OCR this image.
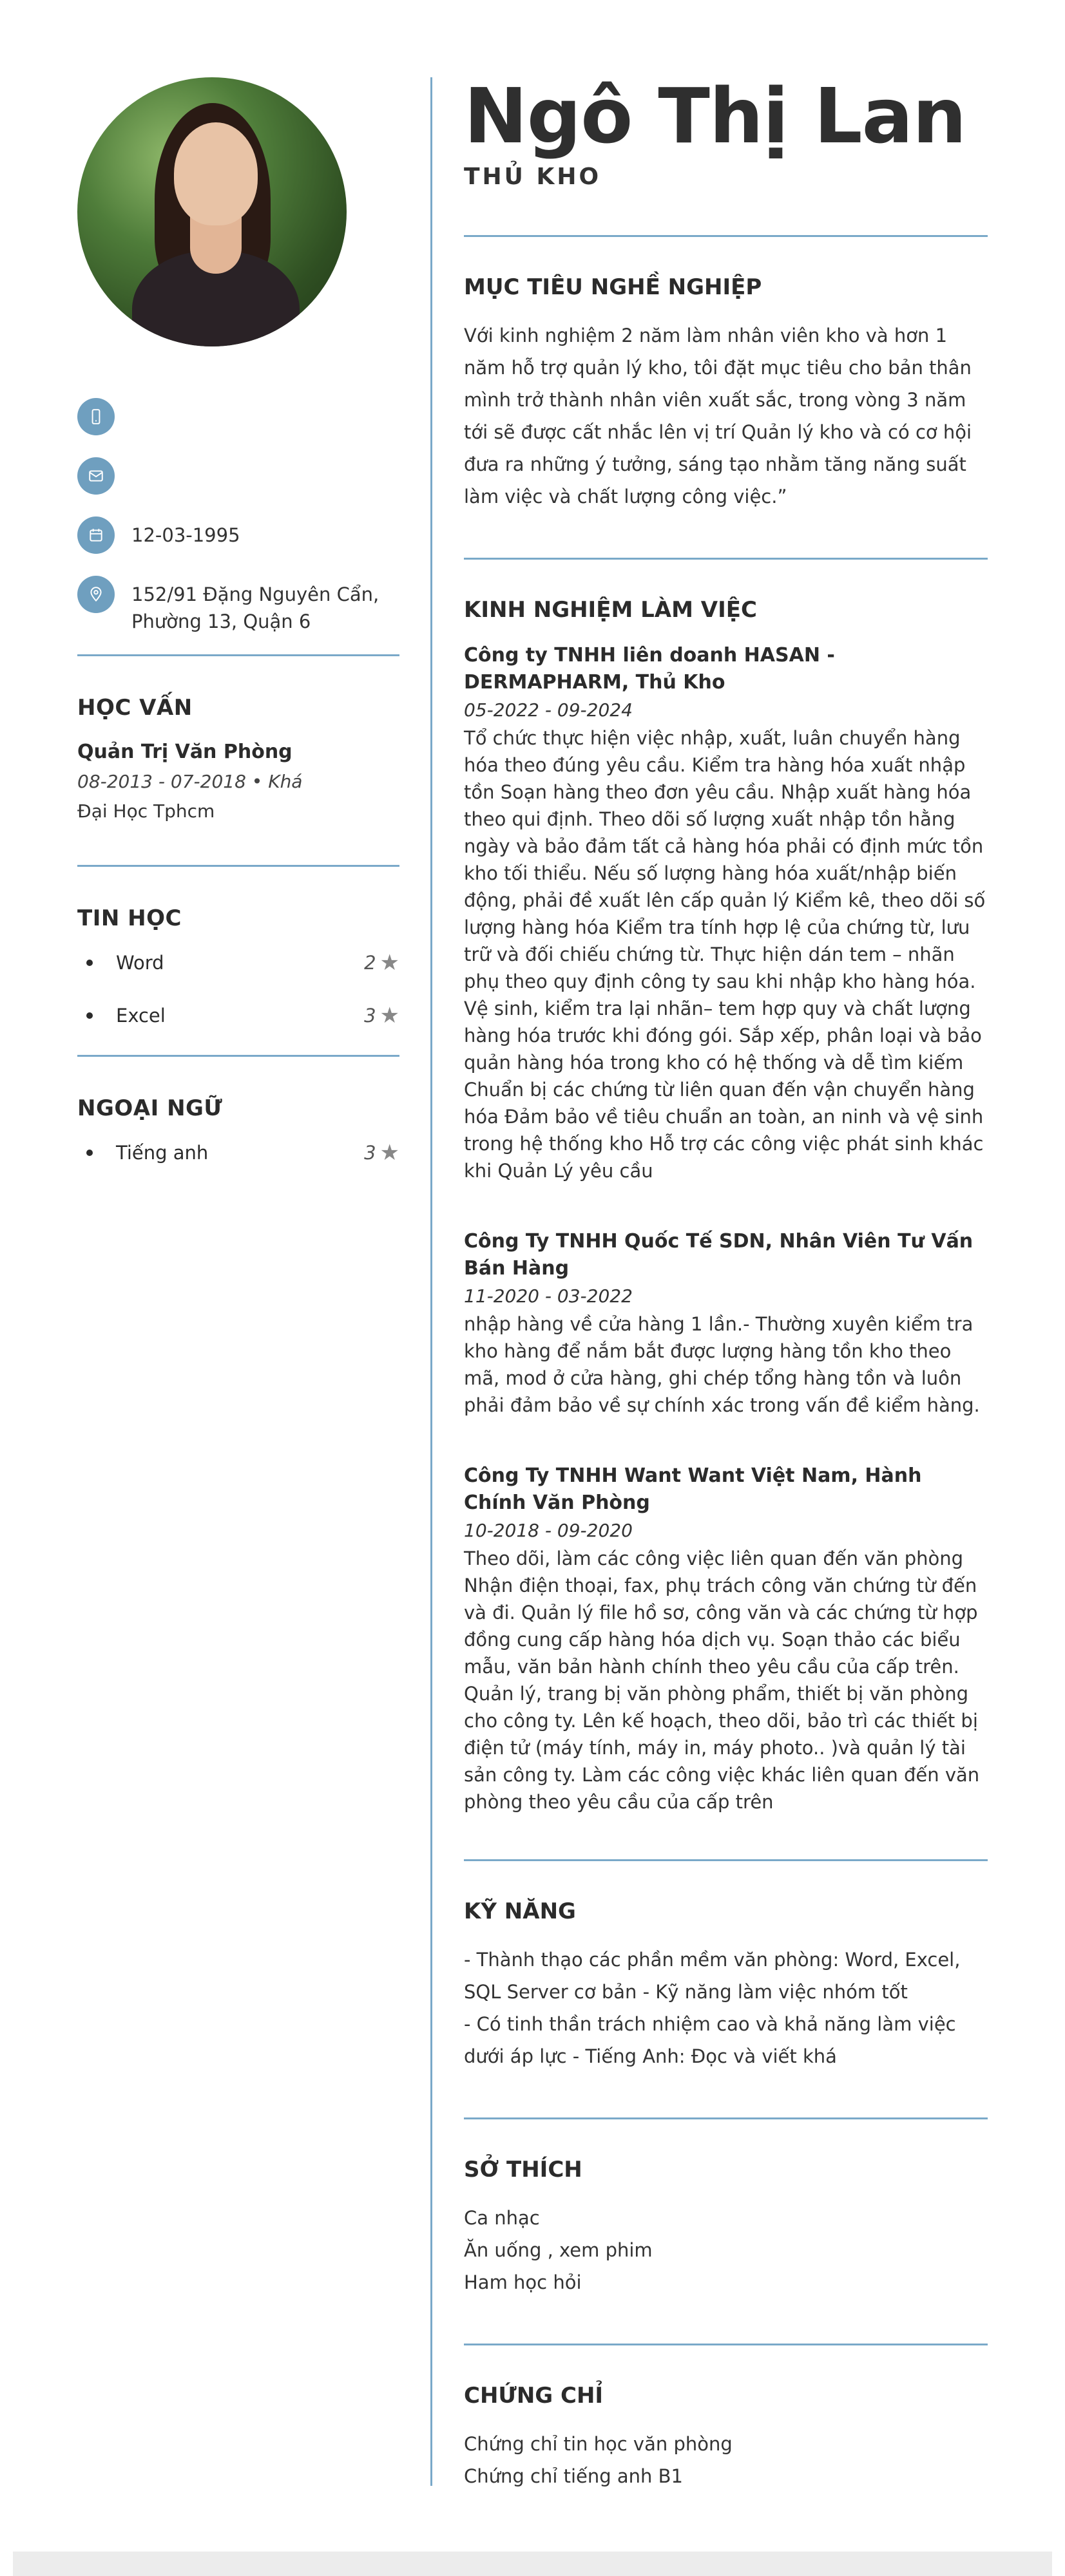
12-03-1995
152/91 Đặng Nguyên Cẩn, Phường 13, Quận 6
HỌC VẤN
Quản Trị Văn Phòng
08-2013 - 07-2018 • Khá
Đại Học Tphcm
TIN HỌC
Word	2 ★
Excel	3 ★
NGOẠI NGỮ
Tiếng anh	3 ★
Ngô Thị Lan
THỦ KHO
MỤC TIÊU NGHỀ NGHIỆP
Với kinh nghiệm 2 năm làm nhân viên kho và hơn 1 năm hỗ trợ quản lý kho, tôi đặt mục tiêu cho bản thân mình trở thành nhân viên xuất sắc, trong vòng 3 năm tới sẽ được cất nhắc lên vị trí Quản lý kho và có cơ hội đưa ra những ý tưởng, sáng tạo nhằm tăng năng suất làm việc và chất lượng công việc.”
KINH NGHIỆM LÀM VIỆC
Công ty TNHH liên doanh HASAN - DERMAPHARM, Thủ Kho
05-2022 - 09-2024
Tổ chức thực hiện việc nhập, xuất, luân chuyển hàng hóa theo đúng yêu cầu. Kiểm tra hàng hóa xuất nhập tồn Soạn hàng theo đơn yêu cầu. Nhập xuất hàng hóa theo qui định. Theo dõi số lượng xuất nhập tồn hằng ngày và bảo đảm tất cả hàng hóa phải có định mức tồn kho tối thiểu. Nếu số lượng hàng hóa xuất/nhập biến động, phải đề xuất lên cấp quản lý Kiểm kê, theo dõi số lượng hàng hóa Kiểm tra tính hợp lệ của chứng từ, lưu trữ và đối chiếu chứng từ. Thực hiện dán tem – nhãn phụ theo quy định công ty sau khi nhập kho hàng hóa. Vệ sinh, kiểm tra lại nhãn– tem hợp quy và chất lượng hàng hóa trước khi đóng gói. Sắp xếp, phân loại và bảo quản hàng hóa trong kho có hệ thống và dễ tìm kiếm Chuẩn bị các chứng từ liên quan đến vận chuyển hàng hóa Đảm bảo về tiêu chuẩn an toàn, an ninh và vệ sinh trong hệ thống kho Hỗ trợ các công việc phát sinh khác khi Quản Lý yêu cầu
Công Ty TNHH Quốc Tế SDN, Nhân Viên Tư Vấn Bán Hàng
11-2020 - 03-2022
nhập hàng về cửa hàng 1 lần.- Thường xuyên kiểm tra kho hàng để nắm bắt được lượng hàng tồn kho theo mã, mod ở cửa hàng, ghi chép tổng hàng tồn và luôn phải đảm bảo về sự chính xác trong vấn đề kiểm hàng.
Công Ty TNHH Want Want Việt Nam, Hành Chính Văn Phòng
10-2018 - 09-2020
Theo dõi, làm các công việc liên quan đến văn phòng Nhận điện thoại, fax, phụ trách công văn chứng từ đến và đi. Quản lý file hồ sơ, công văn và các chứng từ hợp đồng cung cấp hàng hóa dịch vụ. Soạn thảo các biểu mẫu, văn bản hành chính theo yêu cầu của cấp trên. Quản lý, trang bị văn phòng phẩm, thiết bị văn phòng cho công ty. Lên kế hoạch, theo dõi, bảo trì các thiết bị điện tử (máy tính, máy in, máy photo.. )và quản lý tài sản công ty. Làm các công việc khác liên quan đến văn phòng theo yêu cầu của cấp trên
KỸ NĂNG
- Thành thạo các phần mềm văn phòng: Word, Excel, SQL Server cơ bản - Kỹ năng làm việc nhóm tốt
- Có tinh thần trách nhiệm cao và khả năng làm việc dưới áp lực - Tiếng Anh: Đọc và viết khá
SỞ THÍCH
Ca nhạc
Ăn uống , xem phim
Ham học hỏi
CHỨNG CHỈ
Chứng chỉ tin học văn phòng
Chứng chỉ tiếng anh B1
